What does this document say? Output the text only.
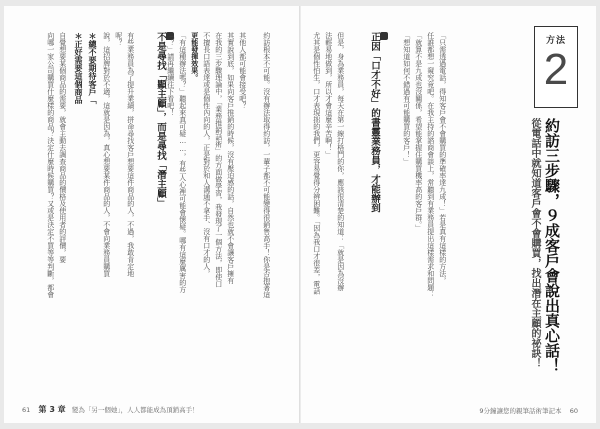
向哪一家公司購買什麼樣的商品？決定什麼時候購買？又或是決定不買等等判斷，都會 自覺想要某個商品的需要，就會主動去調查商品的價格及使用者的評價，要 ＊正好需要這個商品 ＊總不要期待客戶「 說，這招牌對於不適，這就是因為，真心想要某件商品的人，不會向業務員購買 呢？ 有些業務員為了提升業績，拼命尋找客戶想要這件商品的人，不過，我敢肯定地

	不是尋找「顯主顧」，而是尋找「潛主顧」
「？」請再繼續往下看吧！ 「有這種辦法嗎？」聽起來真可疑……，有些人心裡可能會懷疑。哪有這麼厲害的方 更能發揮效果。 不擅長口語表達或是個性內向的人，正是對於和人溝通不拿手、沒有口才的人， 在我的三步驟理論中，「業務推銷話術」的方面做學習，我發現了一個方法，即使口 其實說到底，如果向客戶推銷的時候，沒有壓迫感的話，自然也就不會讓客戶擁有 其他人都可能會接受吧？	約訪根本不可能。沒有辦法取得約訪，一輩子都不可能變得很銷售高手！你是否抱著這
61 第 3 章 變為「另一個她」，人人都能成為頂銷高手！
尤其是個性怕生，口才表現拙的我們，更容易覺得分辨困難。「因為我口才很差，電話 法輕易地做到，所以才會這麼辛苦啊！」 但是，身為業務員，每天在第一線打格鬥的你，應該很清楚的知道：「就是因為沒辦

	正因「口才不好」的書靈業務員，才能辦到
	「想知道如何不錯過有可能購買的客戶！」 「就算不是九成也沒關係，希望能掌握住購買機率高的客戶群。」 任誰都想一窺究竟吧。在我主持的諮商會談上，常聽到有業務員提出這樣需求和問題： 「只需透過電話，得知客戶會不會購買的準確率達九成！」若是真有這樣的方法，	從電話中就知道客戶會不會購買，找出潛在主顧的祕訣！ 約訪三步驟，９成客戶會說出真心話！
方法
2
9分鐘讓您的親筆話術筆記本 60
